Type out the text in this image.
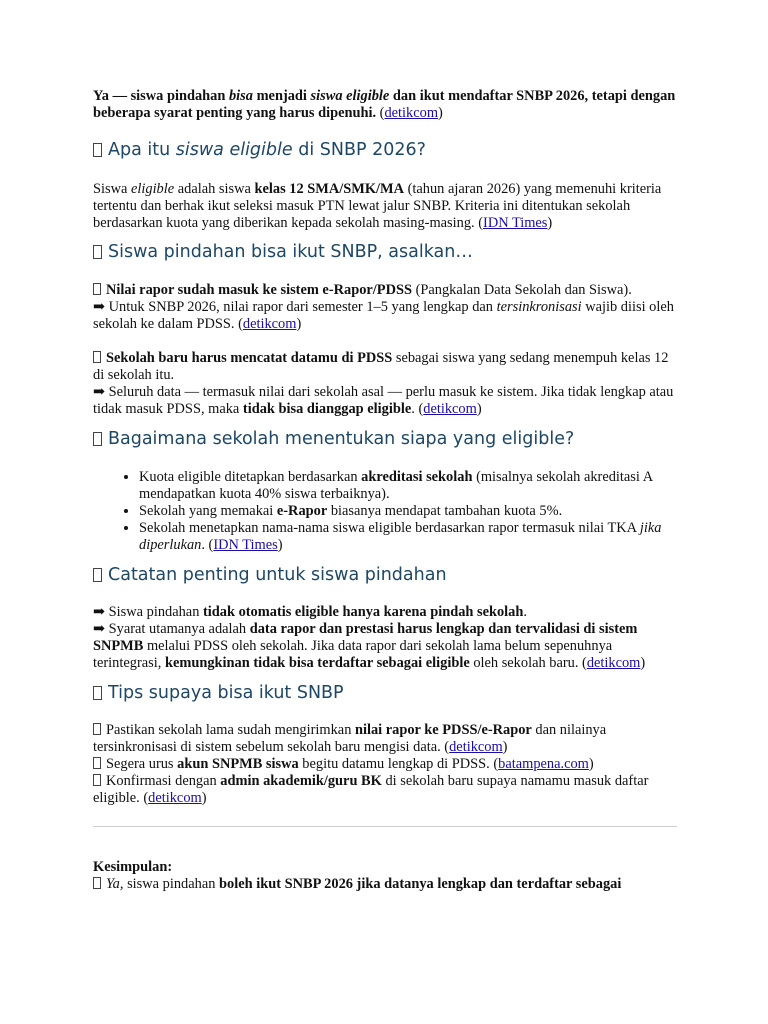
Ya — siswa pindahan bisa menjadi siswa eligible dan ikut mendaftar SNBP 2026, tetapi dengan beberapa syarat penting yang harus dipenuhi. (detikcom)

Apa itu siswa eligible di SNBP 2026?

Siswa eligible adalah siswa kelas 12 SMA/SMK/MA (tahun ajaran 2026) yang memenuhi kriteria tertentu dan berhak ikut seleksi masuk PTN lewat jalur SNBP. Kriteria ini ditentukan sekolah berdasarkan kuota yang diberikan kepada sekolah masing-masing. (IDN Times)

Siswa pindahan bisa ikut SNBP, asalkan…

Nilai rapor sudah masuk ke sistem e-Rapor/PDSS (Pangkalan Data Sekolah dan Siswa).
➡ Untuk SNBP 2026, nilai rapor dari semester 1–5 yang lengkap dan tersinkronisasi wajib diisi oleh sekolah ke dalam PDSS. (detikcom)

Sekolah baru harus mencatat datamu di PDSS sebagai siswa yang sedang menempuh kelas 12 di sekolah itu.
➡ Seluruh data — termasuk nilai dari sekolah asal — perlu masuk ke sistem. Jika tidak lengkap atau tidak masuk PDSS, maka tidak bisa dianggap eligible. (detikcom)

Bagaimana sekolah menentukan siapa yang eligible?
• Kuota eligible ditetapkan berdasarkan akreditasi sekolah (misalnya sekolah akreditasi A mendapatkan kuota 40% siswa terbaiknya).
• Sekolah yang memakai e-Rapor biasanya mendapat tambahan kuota 5%.
• Sekolah menetapkan nama-nama siswa eligible berdasarkan rapor termasuk nilai TKA jika diperlukan. (IDN Times)
Catatan penting untuk siswa pindahan

➡ Siswa pindahan tidak otomatis eligible hanya karena pindah sekolah.
➡ Syarat utamanya adalah data rapor dan prestasi harus lengkap dan tervalidasi di sistem SNPMB melalui PDSS oleh sekolah. Jika data rapor dari sekolah lama belum sepenuhnya terintegrasi, kemungkinan tidak bisa terdaftar sebagai eligible oleh sekolah baru. (detikcom)

Tips supaya bisa ikut SNBP

Pastikan sekolah lama sudah mengirimkan nilai rapor ke PDSS/e-Rapor dan nilainya tersinkronisasi di sistem sebelum sekolah baru mengisi data. (detikcom)
Segera urus akun SNPMB siswa begitu datamu lengkap di PDSS. (batampena.com)
Konfirmasi dengan admin akademik/guru BK di sekolah baru supaya namamu masuk daftar eligible. (detikcom)

Kesimpulan:

Ya, siswa pindahan boleh ikut SNBP 2026 jika datanya lengkap dan terdaftar sebagai
